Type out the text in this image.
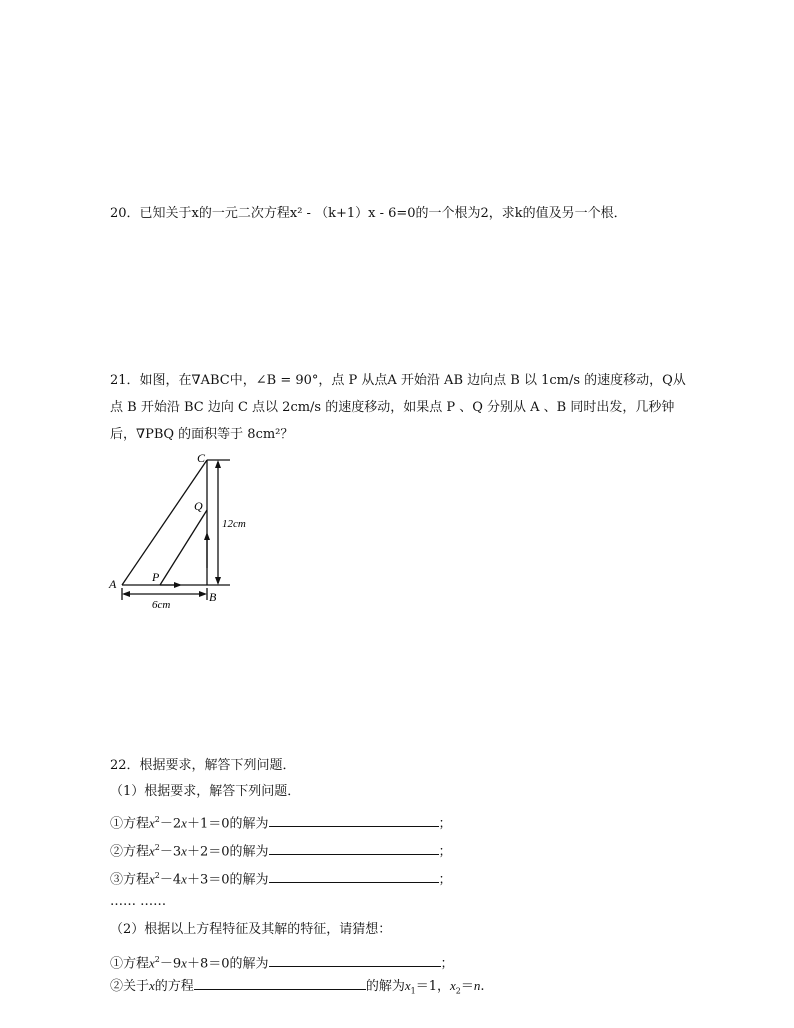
20．已知关于x的一元二次方程x² - （k+1）x - 6=0的一个根为2，求k的值及另一个根．
21．如图，在∇ABC中，∠B = 90°，点 P 从点A 开始沿 AB 边向点 B 以 1cm/s 的速度移动，Q从
点 B 开始沿 BC 边向 C 点以 2cm/s 的速度移动，如果点 P 、Q 分别从 A 、B 同时出发，几秒钟
后，∇PBQ 的面积等于 8cm²？
A
B
C
P
Q
6cm
12cm
22．根据要求，解答下列问题．
（1）根据要求，解答下列问题．
①方程$x^2-2x+1=0$的解为	；
②方程$x^2-3x+2=0$的解为	；
③方程$x^2-4x+3=0$的解为	；
…… ……
（2）根据以上方程特征及其解的特征，请猜想：
①方程$x^2-9x+8=0$的解为	；
②关于x的方程	的解为$x_1=1$，$x_2=n$.
